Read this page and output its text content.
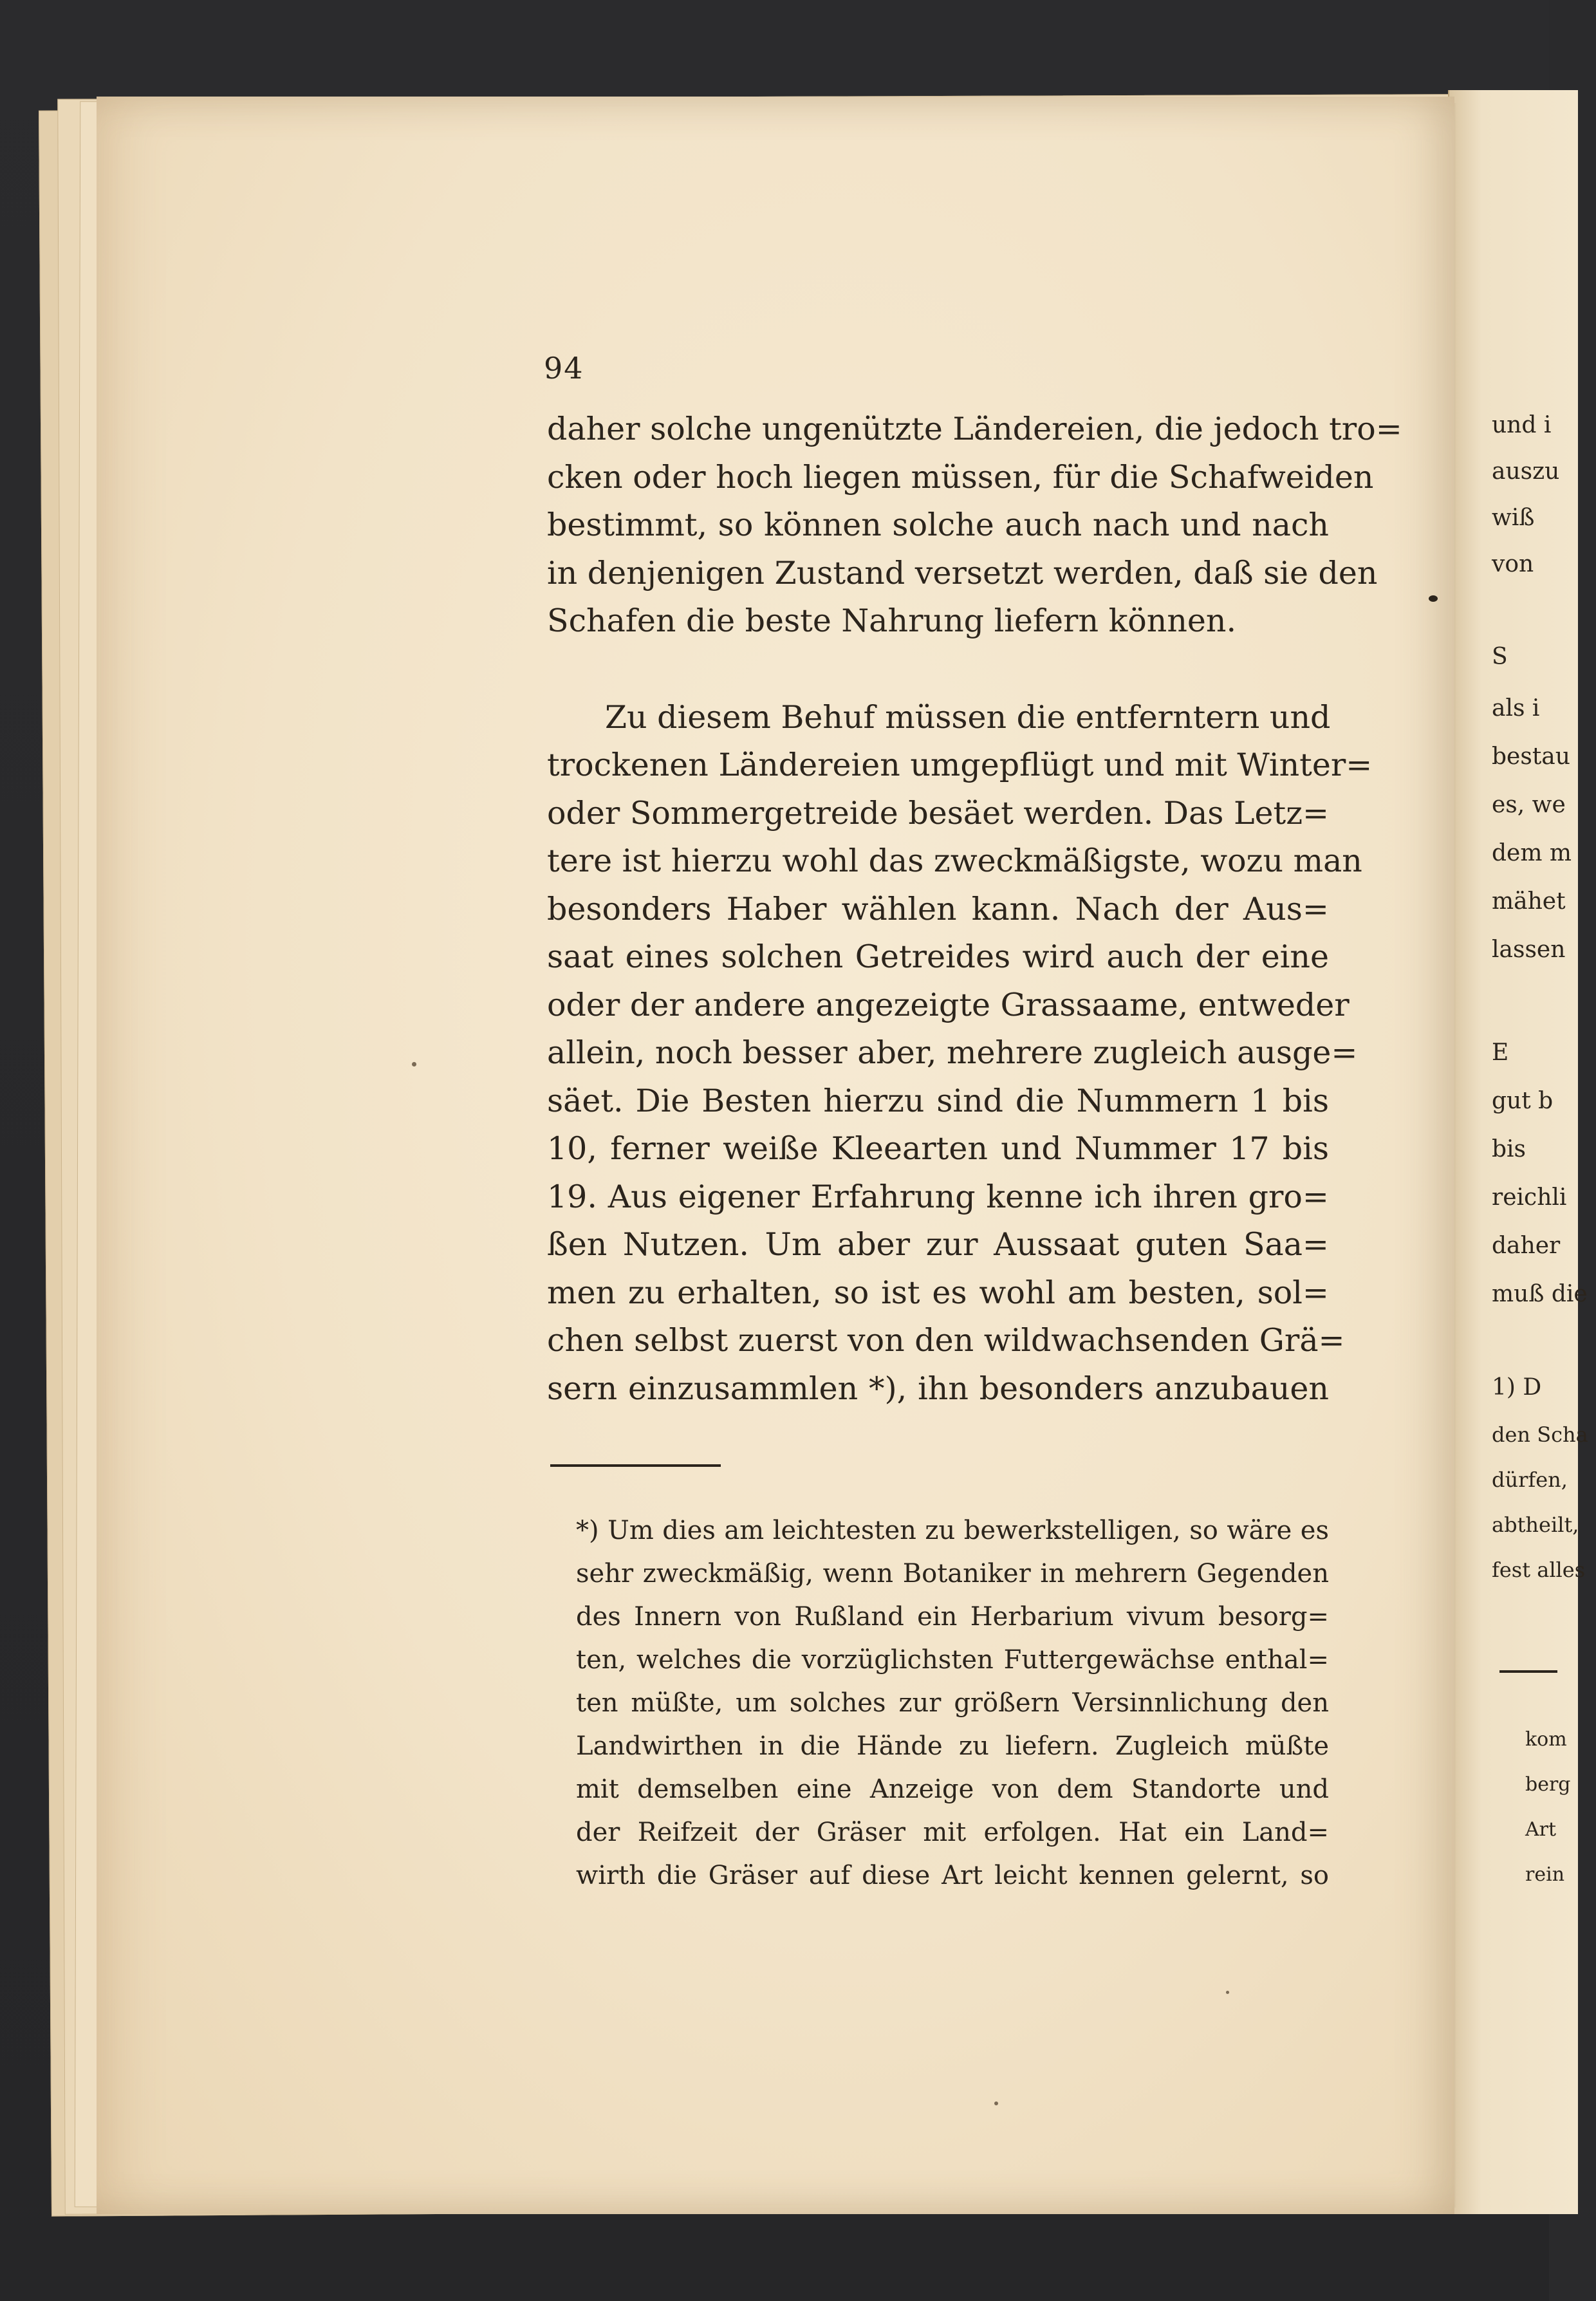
94
daher solche ungenützte Ländereien, die jedoch tro=
cken oder hoch liegen müssen, für die Schafweiden
bestimmt, so können solche auch nach und nach
in denjenigen Zustand versetzt werden, daß sie den
Schafen die beste Nahrung liefern können.
Zu diesem Behuf müssen die entferntern und
trockenen Ländereien umgepflügt und mit Winter=
oder Sommergetreide besäet werden. Das Letz=
tere ist hierzu wohl das zweckmäßigste, wozu man
besonders Haber wählen kann. Nach der Aus=
saat eines solchen Getreides wird auch der eine
oder der andere angezeigte Grassaame, entweder
allein, noch besser aber, mehrere zugleich ausge=
säet. Die Besten hierzu sind die Nummern 1 bis
10, ferner weiße Kleearten und Nummer 17 bis
19. Aus eigener Erfahrung kenne ich ihren gro=
ßen Nutzen. Um aber zur Aussaat guten Saa=
men zu erhalten, so ist es wohl am besten, sol=
chen selbst zuerst von den wildwachsenden Grä=
sern einzusammlen *), ihn besonders anzubauen
*) Um dies am leichtesten zu bewerkstelligen, so wäre es
sehr zweckmäßig, wenn Botaniker in mehrern Gegenden
des Innern von Rußland ein Herbarium vivum besorg=
ten, welches die vorzüglichsten Futtergewächse enthal=
ten müßte, um solches zur größern Versinnlichung den
Landwirthen in die Hände zu liefern. Zugleich müßte
mit demselben eine Anzeige von dem Standorte und
der Reifzeit der Gräser mit erfolgen. Hat ein Land=
wirth die Gräser auf diese Art leicht kennen gelernt, so
und i
auszu
wiß
von
S
als i
bestau
es, we
dem m
mähet
lassen
E
gut b
bis
reichli
daher
muß die
1) D
den Scha
dürfen,
abtheilt,
fest alles
kom
berg
Art
rein
